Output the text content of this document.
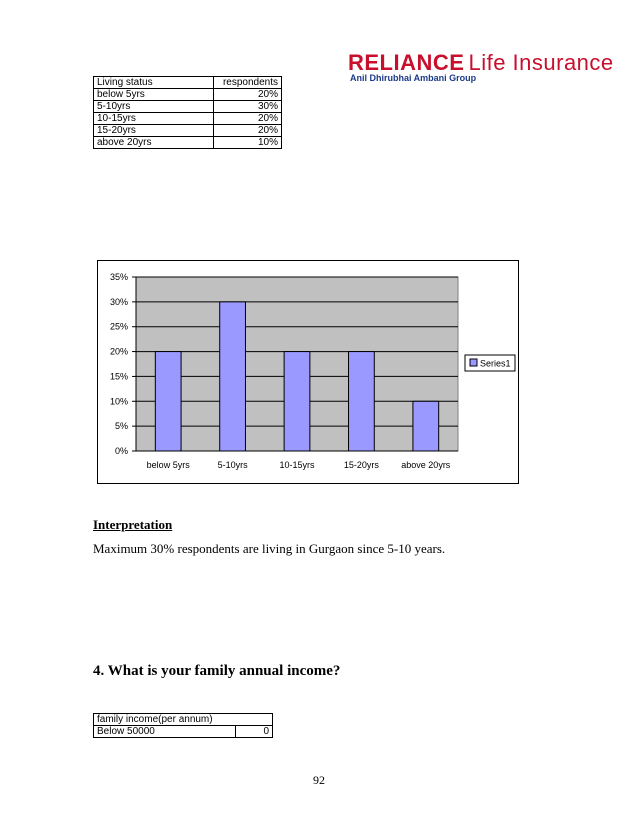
RELIANCE Life Insurance
Anil Dhirubhai Ambani Group
Living status	respondents
below 5yrs	20%
5-10yrs	30%
10-15yrs	20%
15-20yrs	20%
above 20yrs	10%
0%
5%
10%
15%
20%
25%
30%
35%
below 5yrs	5-10yrs	10-15yrs	15-20yrs above 20yrs
Series1
Interpretation
Maximum 30% respondents are living in Gurgaon since 5-10 years.
4. What is your family annual income?
family income(per annum)
Below 50000	0
92
